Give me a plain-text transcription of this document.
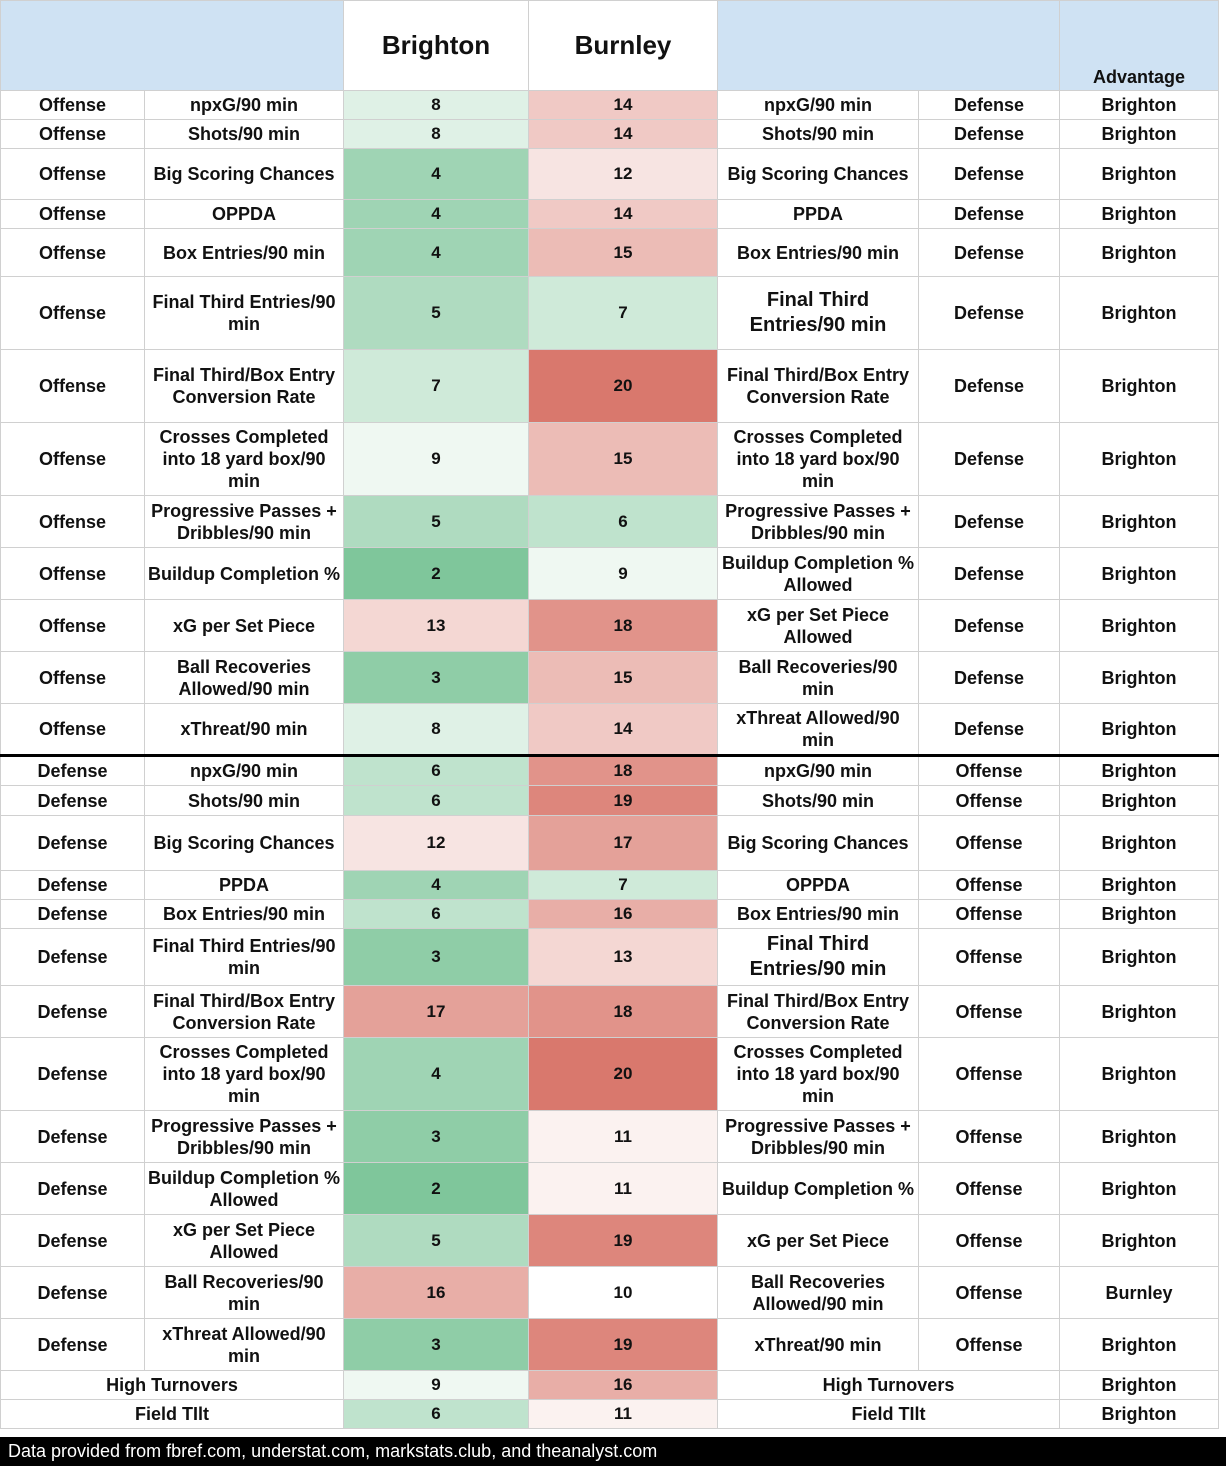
		Brighton	Burnley			Advantage
Offense	npxG/90 min	8	14	npxG/90 min	Defense	Brighton
Offense	Shots/90 min	8	14	Shots/90 min	Defense	Brighton
Offense	Big Scoring Chances	4	12	Big Scoring Chances	Defense	Brighton
Offense	OPPDA	4	14	PPDA	Defense	Brighton
Offense	Box Entries/90 min	4	15	Box Entries/90 min	Defense	Brighton
Offense	Final Third Entries/90 min	5	7	Final Third Entries/90 min	Defense	Brighton
Offense	Final Third/Box Entry Conversion Rate	7	20	Final Third/Box Entry Conversion Rate	Defense	Brighton
Offense	Crosses Completed into 18 yard box/90 min	9	15	Crosses Completed into 18 yard box/90 min	Defense	Brighton
Offense	Progressive Passes + Dribbles/90 min	5	6	Progressive Passes + Dribbles/90 min	Defense	Brighton
Offense	Buildup Completion %	2	9	Buildup Completion % Allowed	Defense	Brighton
Offense	xG per Set Piece	13	18	xG per Set Piece Allowed	Defense	Brighton
Offense	Ball Recoveries Allowed/90 min	3	15	Ball Recoveries/90 min	Defense	Brighton
Offense	xThreat/90 min	8	14	xThreat Allowed/90 min	Defense	Brighton
Defense	npxG/90 min	6	18	npxG/90 min	Offense	Brighton
Defense	Shots/90 min	6	19	Shots/90 min	Offense	Brighton
Defense	Big Scoring Chances	12	17	Big Scoring Chances	Offense	Brighton
Defense	PPDA	4	7	OPPDA	Offense	Brighton
Defense	Box Entries/90 min	6	16	Box Entries/90 min	Offense	Brighton
Defense	Final Third Entries/90 min	3	13	Final Third Entries/90 min	Offense	Brighton
Defense	Final Third/Box Entry Conversion Rate	17	18	Final Third/Box Entry Conversion Rate	Offense	Brighton
Defense	Crosses Completed into 18 yard box/90 min	4	20	Crosses Completed into 18 yard box/90 min	Offense	Brighton
Defense	Progressive Passes + Dribbles/90 min	3	11	Progressive Passes + Dribbles/90 min	Offense	Brighton
Defense	Buildup Completion % Allowed	2	11	Buildup Completion %	Offense	Brighton
Defense	xG per Set Piece Allowed	5	19	xG per Set Piece	Offense	Brighton
Defense	Ball Recoveries/90 min	16	10	Ball Recoveries Allowed/90 min	Offense	Burnley
Defense	xThreat Allowed/90 min	3	19	xThreat/90 min	Offense	Brighton
High Turnovers		9	16	High Turnovers		Brighton
Field TIlt		6	11	Field TIlt		Brighton
Data provided from fbref.com, understat.com, markstats.club, and theanalyst.com
